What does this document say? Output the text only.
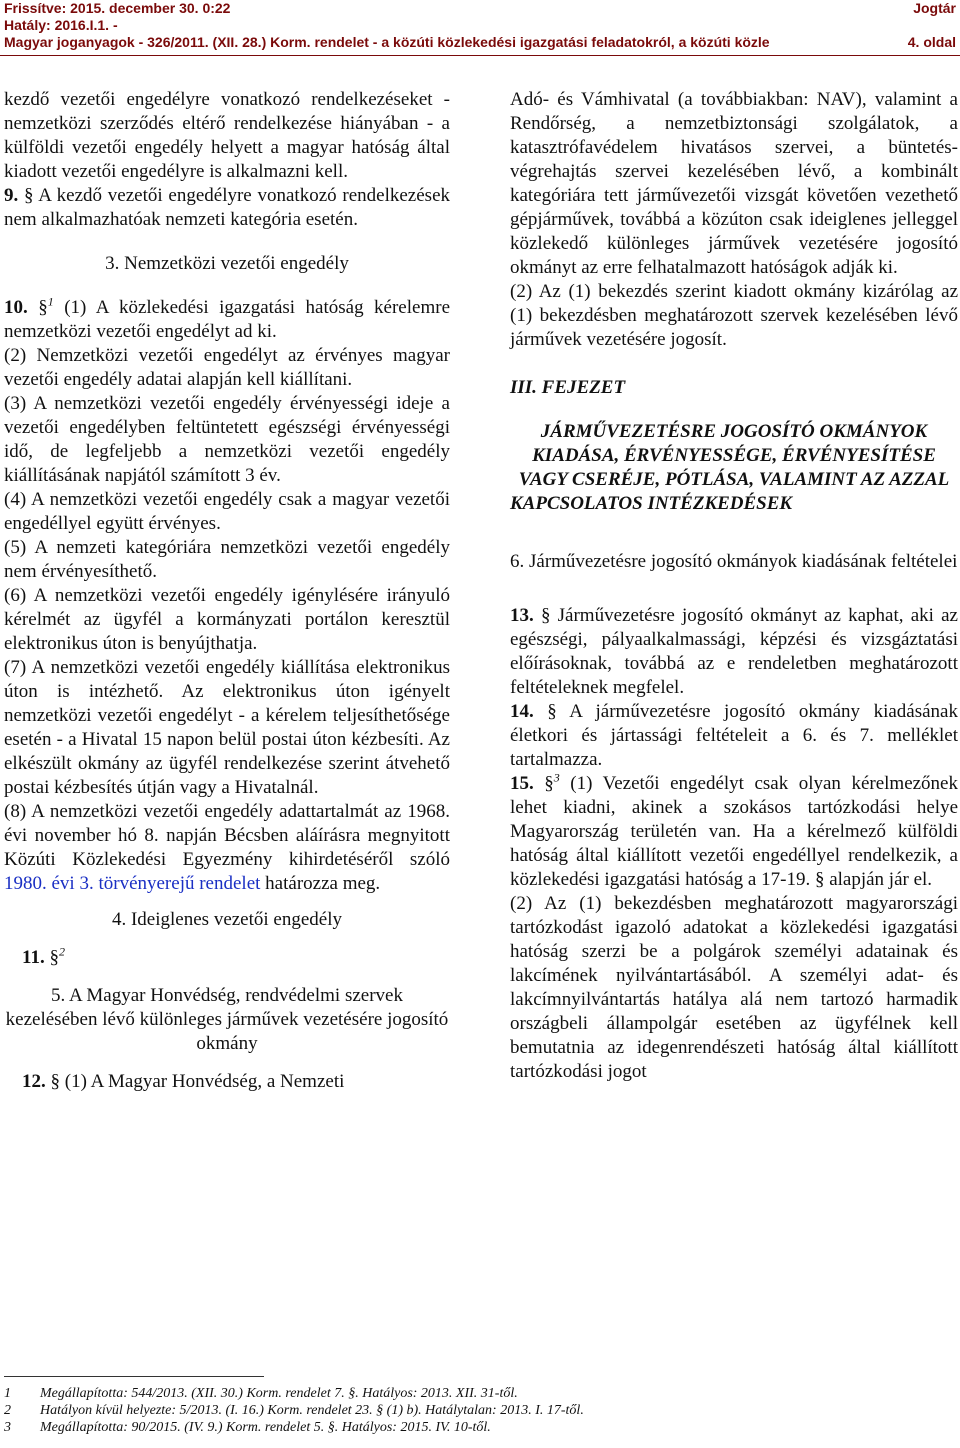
Frissítve: 2015. december 30. 0:22	Jogtár
Hatály: 2016.I.1. -
Magyar joganyagok - 326/2011. (XII. 28.) Korm. rendelet - a közúti közlekedési igazgatási feladatokról, a közúti közle	4. oldal

kezdő vezetői engedélyre vonatkozó rendelkezéseket - nemzetközi szerződés eltérő rendelkezése hiányában - a külföldi vezetői engedély helyett a magyar hatóság által kiadott vezetői engedélyre is alkalmazni kell.

9. § A kezdő vezetői engedélyre vonatkozó rendelkezések nem alkalmazhatóak nemzeti kategória esetén.

3. Nemzetközi vezetői engedély

10. §$^1$ (1) A közlekedési igazgatási hatóság kérelemre nemzetközi vezetői engedélyt ad ki.

(2) Nemzetközi vezetői engedélyt az érvényes magyar vezetői engedély adatai alapján kell kiállítani.

(3) A nemzetközi vezetői engedély érvényességi ideje a vezetői engedélyben feltüntetett egészségi érvényességi idő, de legfeljebb a nemzetközi vezetői engedély kiállításának napjától számított 3 év.

(4) A nemzetközi vezetői engedély csak a magyar vezetői engedéllyel együtt érvényes.

(5) A nemzeti kategóriára nemzetközi vezetői engedély nem érvényesíthető.

(6) A nemzetközi vezetői engedély igénylésére irányuló kérelmét az ügyfél a kormányzati portálon keresztül elektronikus úton is benyújthatja.

(7) A nemzetközi vezetői engedély kiállítása elektronikus úton is intézhető. Az elektronikus úton igényelt nemzetközi vezetői engedélyt - a kérelem teljesíthetősége esetén - a Hivatal 15 napon belül postai úton kézbesíti. Az elkészült okmány az ügyfél rendelkezése szerint átvehető postai kézbesítés útján vagy a Hivatalnál.

(8) A nemzetközi vezetői engedély adattartalmát az 1968. évi november hó 8. napján Bécsben aláírásra megnyitott Közúti Közlekedési Egyezmény kihirdetéséről szóló 1980. évi 3. törvényerejű rendelet határozza meg.

4. Ideiglenes vezetői engedély

11. §$^2$

5. A Magyar Honvédség, rendvédelmi szervek kezelésében lévő különleges járművek vezetésére jogosító okmány

12. § (1) A Magyar Honvédség, a Nemzeti

Adó- és Vámhivatal (a továbbiakban: NAV), valamint a Rendőrség, a nemzetbiztonsági szolgálatok, a katasztrófavédelem hivatásos szervei, a büntetés-végrehajtás szervei kezelésében lévő, a kombinált kategóriára tett járművezetői vizsgát követően vezethető gépjárművek, továbbá a közúton csak ideiglenes jelleggel közlekedő különleges járművek vezetésére jogosító okmányt az erre felhatalmazott hatóságok adják ki.

(2) Az (1) bekezdés szerint kiadott okmány kizárólag az (1) bekezdésben meghatározott szervek kezelésében lévő járművek vezetésére jogosít.

III. FEJEZET

JÁRMŰVEZETÉSRE JOGOSÍTÓ OKMÁNYOK KIADÁSA, ÉRVÉNYESSÉGE, ÉRVÉNYESÍTÉSE VAGY CSERÉJE, PÓTLÁSA, VALAMINT AZ AZZAL KAPCSOLATOS INTÉZKEDÉSEK

6. Járművezetésre jogosító okmányok kiadásának feltételei

13. § Járművezetésre jogosító okmányt az kaphat, aki az egészségi, pályaalkalmassági, képzési és vizsgáztatási előírásoknak, továbbá az e rendeletben meghatározott feltételeknek megfelel.

14. § A járművezetésre jogosító okmány kiadásának életkori és jártassági feltételeit a 6. és 7. melléklet tartalmazza.

15. §$^3$ (1) Vezetői engedélyt csak olyan kérelmezőnek lehet kiadni, akinek a szokásos tartózkodási helye Magyarország területén van. Ha a kérelmező külföldi hatóság által kiállított vezetői engedéllyel rendelkezik, a közlekedési igazgatási hatóság a 17-19. § alapján jár el.

(2) Az (1) bekezdésben meghatározott magyarországi tartózkodást igazoló adatokat a közlekedési igazgatási hatóság szerzi be a polgárok személyi adatainak és lakcímének nyilvántartásából. A személyi adat- és lakcímnyilvántartás hatálya alá nem tartozó harmadik országbeli állampolgár esetében az ügyfélnek kell bemutatnia az idegenrendészeti hatóság által kiállított tartózkodási jogot

1	Megállapította: 544/2013. (XII. 30.) Korm. rendelet 7. §. Hatályos: 2013. XII. 31-től.
2	Hatályon kívül helyezte: 5/2013. (I. 16.) Korm. rendelet 23. § (1) b). Hatálytalan: 2013. I. 17-től.
3	Megállapította: 90/2015. (IV. 9.) Korm. rendelet 5. §. Hatályos: 2015. IV. 10-től.
